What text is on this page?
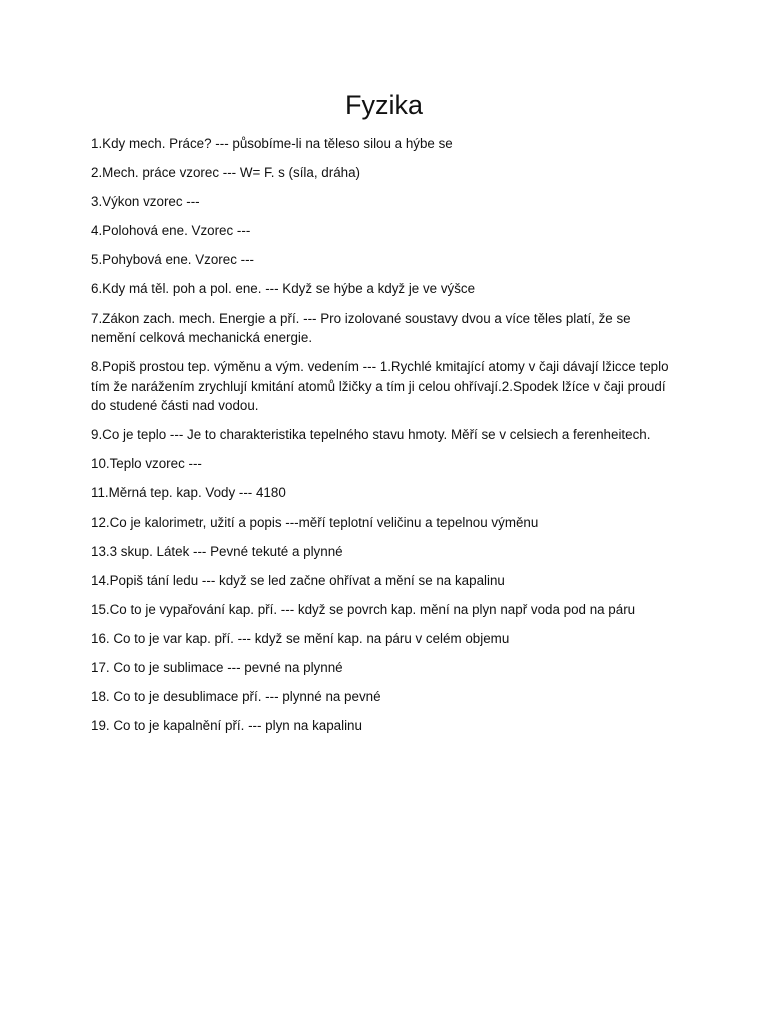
Fyzika
1.Kdy mech. Práce? --- působíme-li na těleso silou a hýbe se
2.Mech. práce vzorec --- W= F. s (síla, dráha)
3.Výkon vzorec ---
4.Polohová ene. Vzorec ---
5.Pohybová ene. Vzorec ---
6.Kdy má těl. poh a pol. ene. --- Když se hýbe a když je ve výšce
7.Zákon zach. mech. Energie a pří. --- Pro izolované soustavy dvou a více těles platí, že se nemění celková mechanická energie.
8.Popiš prostou tep. výměnu a vým. vedením --- 1.Rychlé kmitající atomy v čaji dávají lžicce teplo tím že narážením zrychlují kmitání atomů lžičky a tím ji celou ohřívají.2.Spodek lžíce v čaji proudí do studené části nad vodou.
9.Co je teplo --- Je to charakteristika tepelného stavu hmoty. Měří se v celsiech a ferenheitech.
10.Teplo vzorec ---
11.Měrná tep. kap. Vody --- 4180
12.Co je kalorimetr, užití a popis ---měří teplotní veličinu a tepelnou výměnu
13.3 skup. Látek --- Pevné tekuté a plynné
14.Popiš tání ledu --- když se led začne ohřívat a mění se na kapalinu
15.Co to je vypařování kap. pří. --- když se povrch kap. mění na plyn např voda pod na páru
16. Co to je var kap. pří. --- když se mění kap. na páru v celém objemu
17. Co to je sublimace --- pevné na plynné
18. Co to je desublimace pří. --- plynné na pevné
19. Co to je kapalnění pří. --- plyn na kapalinu
